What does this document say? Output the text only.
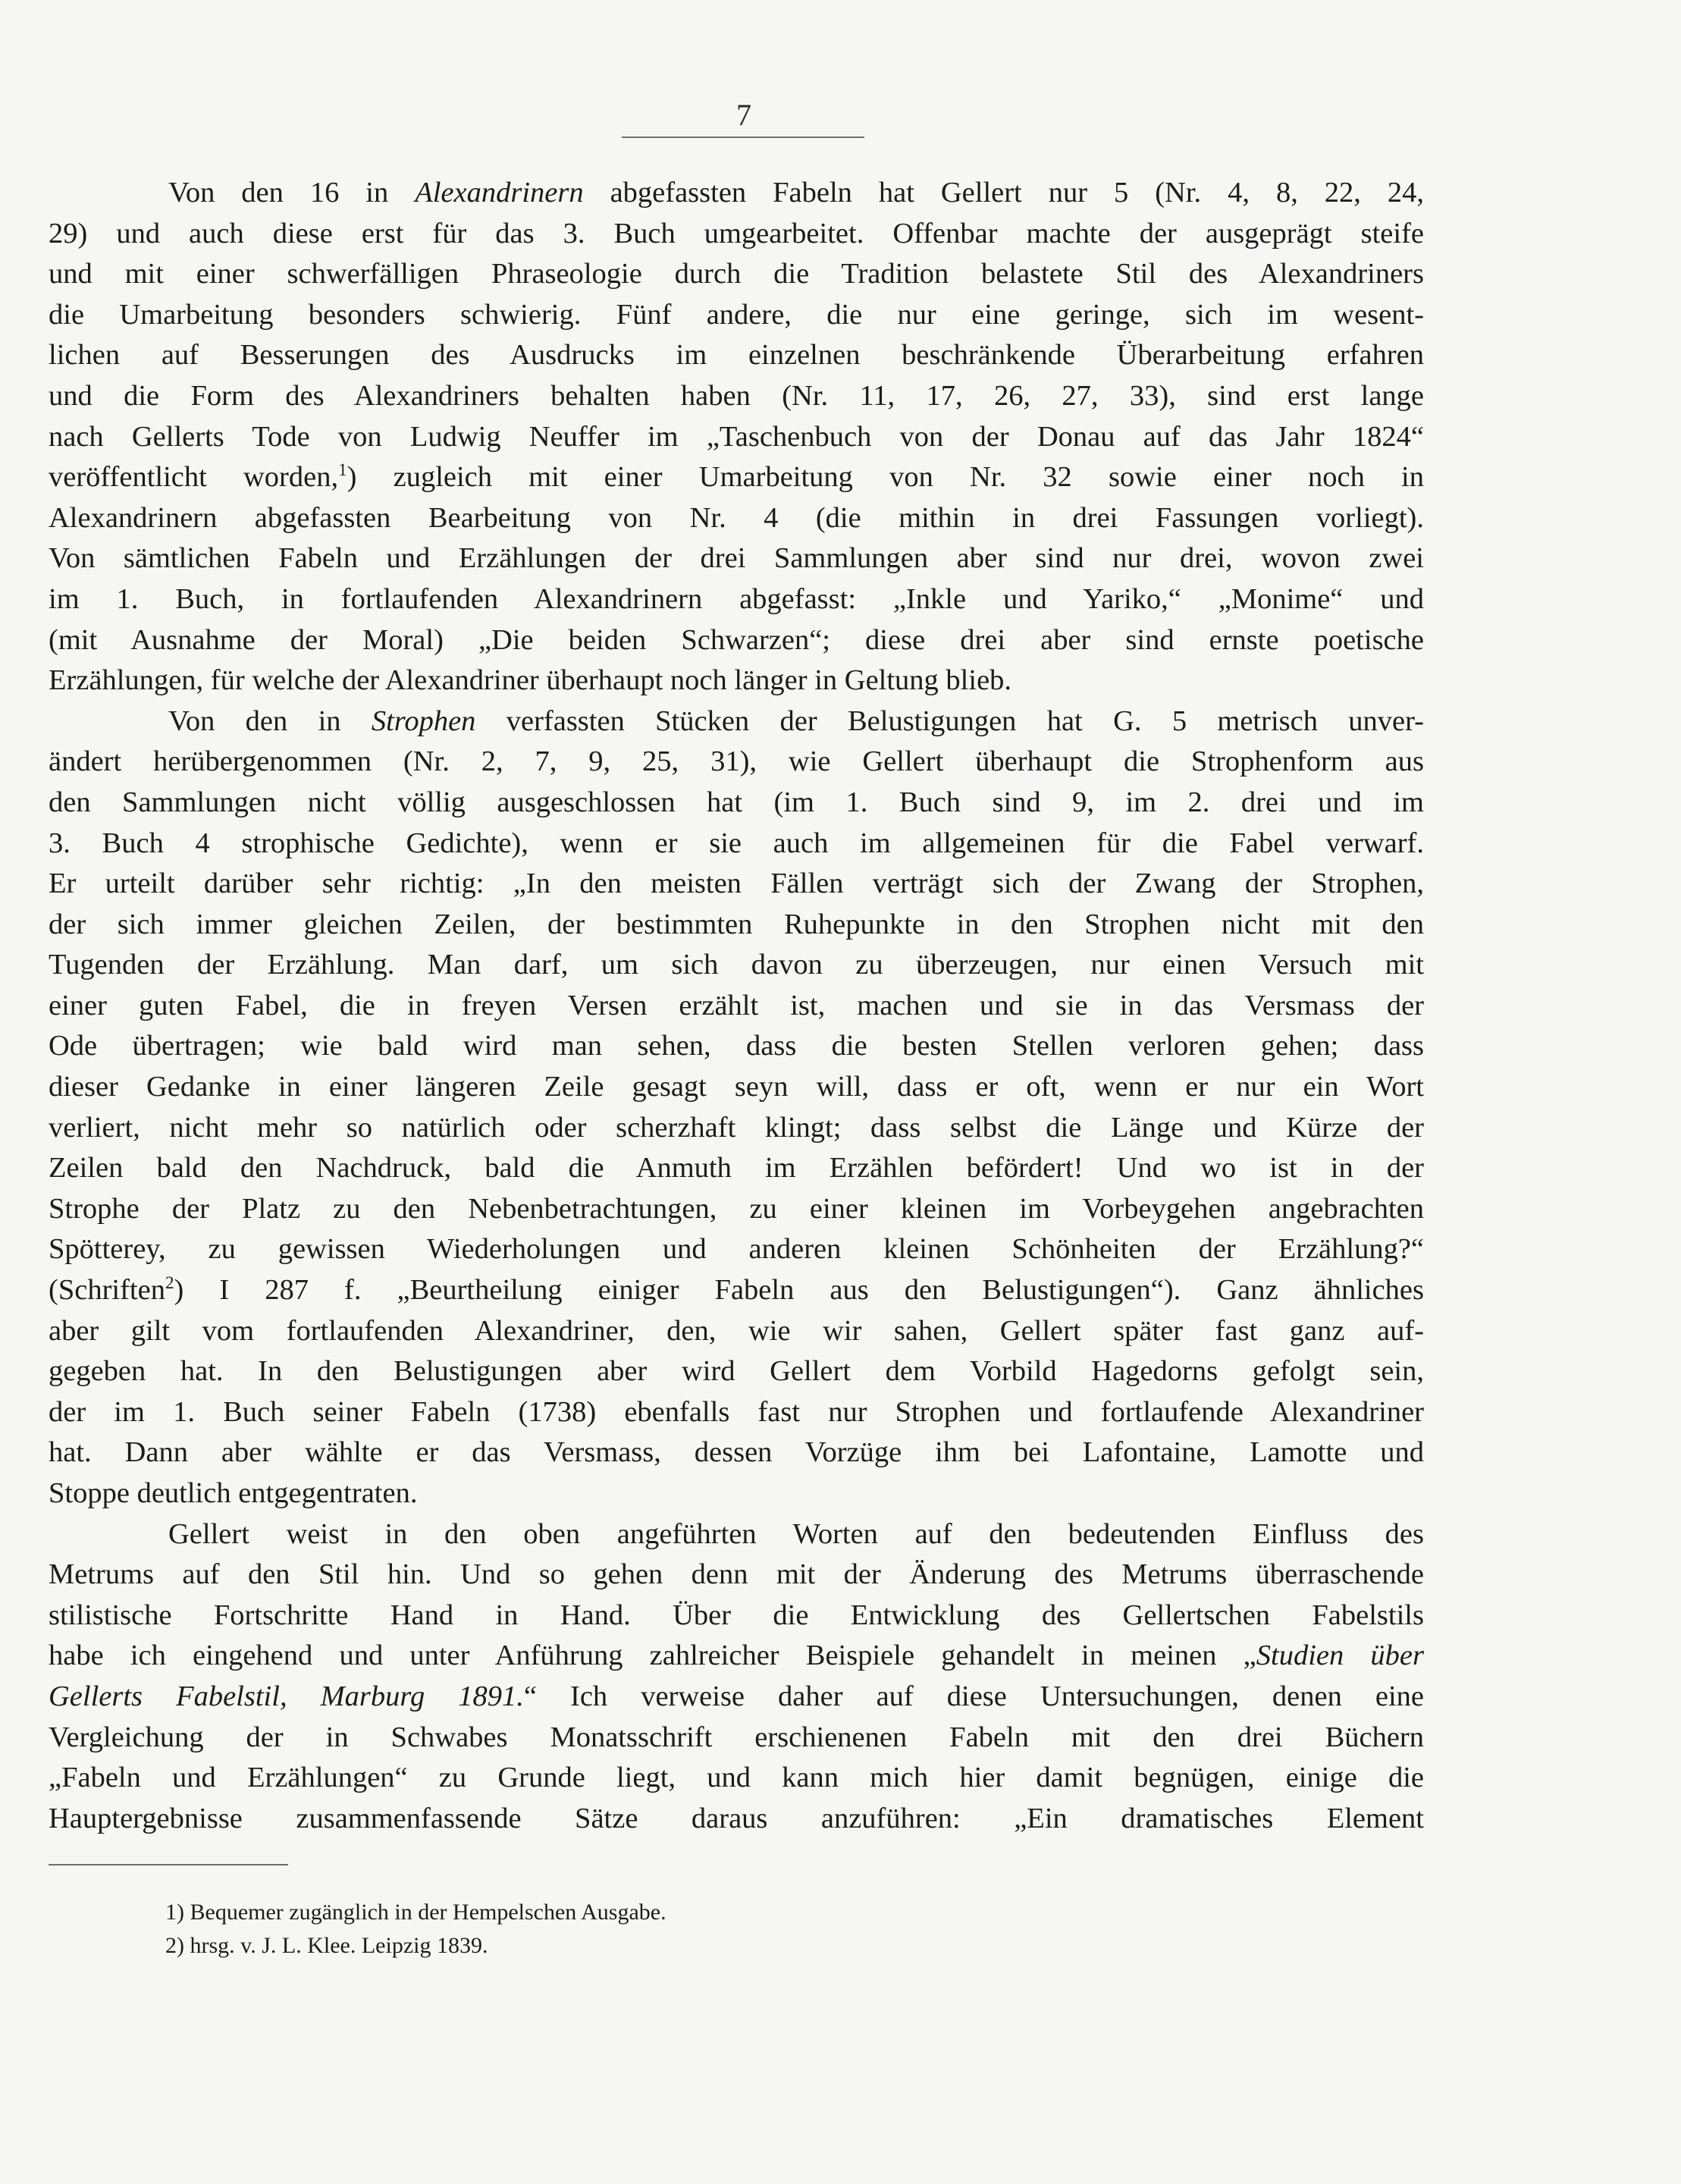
7
Von den 16 in Alexandrinern abgefassten Fabeln hat Gellert nur 5 (Nr. 4, 8, 22, 24,
29) und auch diese erst für das 3. Buch umgearbeitet. Offenbar machte der ausgeprägt steife
und mit einer schwerfälligen Phraseologie durch die Tradition belastete Stil des Alexandriners
die Umarbeitung besonders schwierig. Fünf andere, die nur eine geringe, sich im wesent-
lichen auf Besserungen des Ausdrucks im einzelnen beschränkende Überarbeitung erfahren
und die Form des Alexandriners behalten haben (Nr. 11, 17, 26, 27, 33), sind erst lange
nach Gellerts Tode von Ludwig Neuffer im „Taschenbuch von der Donau auf das Jahr 1824“
veröffentlicht worden,$^1$) zugleich mit einer Umarbeitung von Nr. 32 sowie einer noch in
Alexandrinern abgefassten Bearbeitung von Nr. 4 (die mithin in drei Fassungen vorliegt).
Von sämtlichen Fabeln und Erzählungen der drei Sammlungen aber sind nur drei, wovon zwei
im 1. Buch, in fortlaufenden Alexandrinern abgefasst: „Inkle und Yariko,“ „Monime“ und
(mit Ausnahme der Moral) „Die beiden Schwarzen“; diese drei aber sind ernste poetische
Erzählungen, für welche der Alexandriner überhaupt noch länger in Geltung blieb.
Von den in Strophen verfassten Stücken der Belustigungen hat G. 5 metrisch unver-
ändert herübergenommen (Nr. 2, 7, 9, 25, 31), wie Gellert überhaupt die Strophenform aus
den Sammlungen nicht völlig ausgeschlossen hat (im 1. Buch sind 9, im 2. drei und im
3. Buch 4 strophische Gedichte), wenn er sie auch im allgemeinen für die Fabel verwarf.
Er urteilt darüber sehr richtig: „In den meisten Fällen verträgt sich der Zwang der Strophen,
der sich immer gleichen Zeilen, der bestimmten Ruhepunkte in den Strophen nicht mit den
Tugenden der Erzählung. Man darf, um sich davon zu überzeugen, nur einen Versuch mit
einer guten Fabel, die in freyen Versen erzählt ist, machen und sie in das Versmass der
Ode übertragen; wie bald wird man sehen, dass die besten Stellen verloren gehen; dass
dieser Gedanke in einer längeren Zeile gesagt seyn will, dass er oft, wenn er nur ein Wort
verliert, nicht mehr so natürlich oder scherzhaft klingt; dass selbst die Länge und Kürze der
Zeilen bald den Nachdruck, bald die Anmuth im Erzählen befördert! Und wo ist in der
Strophe der Platz zu den Nebenbetrachtungen, zu einer kleinen im Vorbeygehen angebrachten
Spötterey, zu gewissen Wiederholungen und anderen kleinen Schönheiten der Erzählung?“
(Schriften$^2$) I 287 f. „Beurtheilung einiger Fabeln aus den Belustigungen“). Ganz ähnliches
aber gilt vom fortlaufenden Alexandriner, den, wie wir sahen, Gellert später fast ganz auf-
gegeben hat. In den Belustigungen aber wird Gellert dem Vorbild Hagedorns gefolgt sein,
der im 1. Buch seiner Fabeln (1738) ebenfalls fast nur Strophen und fortlaufende Alexandriner
hat. Dann aber wählte er das Versmass, dessen Vorzüge ihm bei Lafontaine, Lamotte und
Stoppe deutlich entgegentraten.
Gellert weist in den oben angeführten Worten auf den bedeutenden Einfluss des
Metrums auf den Stil hin. Und so gehen denn mit der Änderung des Metrums überraschende
stilistische Fortschritte Hand in Hand. Über die Entwicklung des Gellertschen Fabelstils
habe ich eingehend und unter Anführung zahlreicher Beispiele gehandelt in meinen „Studien über
Gellerts Fabelstil, Marburg 1891.“ Ich verweise daher auf diese Untersuchungen, denen eine
Vergleichung der in Schwabes Monatsschrift erschienenen Fabeln mit den drei Büchern
„Fabeln und Erzählungen“ zu Grunde liegt, und kann mich hier damit begnügen, einige die
Hauptergebnisse zusammenfassende Sätze daraus anzuführen: „Ein dramatisches Element
1) Bequemer zugänglich in der Hempelschen Ausgabe.
2) hrsg. v. J. L. Klee. Leipzig 1839.
